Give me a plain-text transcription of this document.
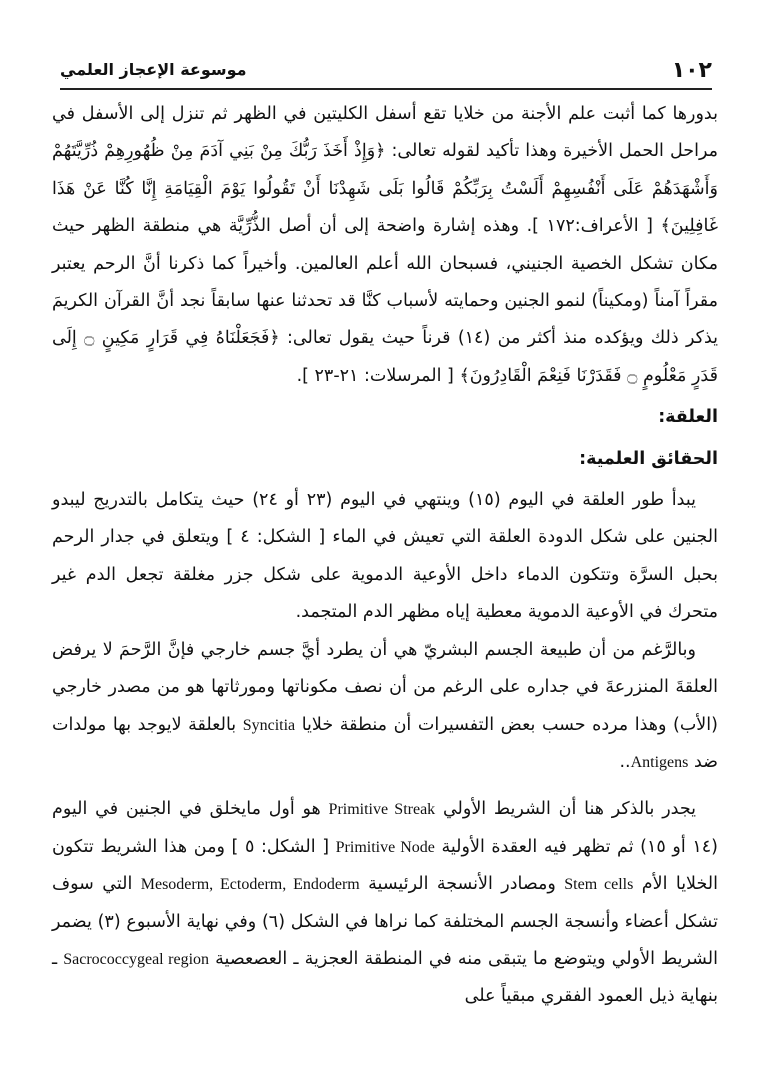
١٠٢
موسوعة الإعجاز العلمي

بدورها كما أثبت علم الأجنة من خلايا تقع أسفل الكليتين في الظهر ثم تنزل إلى الأسفل في مراحل الحمل الأخيرة وهذا تأكيد لقوله تعالى: ﴿وَإِذْ أَخَذَ رَبُّكَ مِنْ بَنِي آدَمَ مِنْ ظُهُورِهِمْ ذُرِّيَّتَهُمْ وَأَشْهَدَهُمْ عَلَى أَنْفُسِهِمْ أَلَسْتُ بِرَبِّكُمْ قَالُوا بَلَى شَهِدْنَا أَنْ تَقُولُوا يَوْمَ الْقِيَامَةِ إِنَّا كُنَّا عَنْ هَذَا غَافِلِينَ﴾ [ الأعراف:١٧٢ ]. وهذه إشارة واضحة إلى أن أصل الذُّرِّيَّة هي منطقة الظهر حيث مكان تشكل الخصية الجنيني، فسبحان الله أعلم العالمين. وأخيراً كما ذكرنا أنَّ الرحم يعتبر مقراً آمناً (ومكيناً) لنمو الجنين وحمايته لأسباب كنَّا قد تحدثنا عنها سابقاً نجد أنَّ القرآن الكريمَ يذكر ذلك ويؤكده منذ أكثر من (١٤) قرناً حيث يقول تعالى: ﴿فَجَعَلْنَاهُ فِي قَرَارٍ مَكِينٍ ۝ إِلَى قَدَرٍ مَعْلُومٍ ۝ فَقَدَرْنَا فَنِعْمَ الْقَادِرُونَ﴾ [ المرسلات: ٢١-٢٣ ].

العلقة:

الحقائق العلمية:

يبدأ طور العلقة في اليوم (١٥) وينتهي في اليوم (٢٣ أو ٢٤) حيث يتكامل بالتدريج ليبدو الجنين على شكل الدودة العلقة التي تعيش في الماء [ الشكل: ٤ ] ويتعلق في جدار الرحم بحبل السرَّة وتتكون الدماء داخل الأوعية الدموية على شكل جزر مغلقة تجعل الدم غير متحرك في الأوعية الدموية معطية إياه مظهر الدم المتجمد.

وبالرَّغم من أن طبيعة الجسم البشريّ هي أن يطرد أيَّ جسم خارجي فإنَّ الرَّحمَ لا يرفض العلقةَ المنزرعةَ في جداره على الرغم من أن نصف مكوناتها ومورثاتها هو من مصدر خارجي (الأب) وهذا مرده حسب بعض التفسيرات أن منطقة خلايا Syncitia بالعلقة لايوجد بها مولدات ضد Antigens..

يجدر بالذكر هنا أن الشريط الأولي Primitive Streak هو أول مايخلق في الجنين في اليوم (١٤ أو ١٥) ثم تظهر فيه العقدة الأولية Primitive Node [ الشكل: ٥ ] ومن هذا الشريط تتكون الخلايا الأم Stem cells ومصادر الأنسجة الرئيسية Mesoderm, Ectoderm, Endoderm التي سوف تشكل أعضاء وأنسجة الجسم المختلفة كما نراها في الشكل (٦) وفي نهاية الأسبوع (٣) يضمر الشريط الأولي ويتوضع ما يتبقى منه في المنطقة العجزية ـ العصعصية Sacrococcygeal region ـ بنهاية ذيل العمود الفقري مبقياً على
